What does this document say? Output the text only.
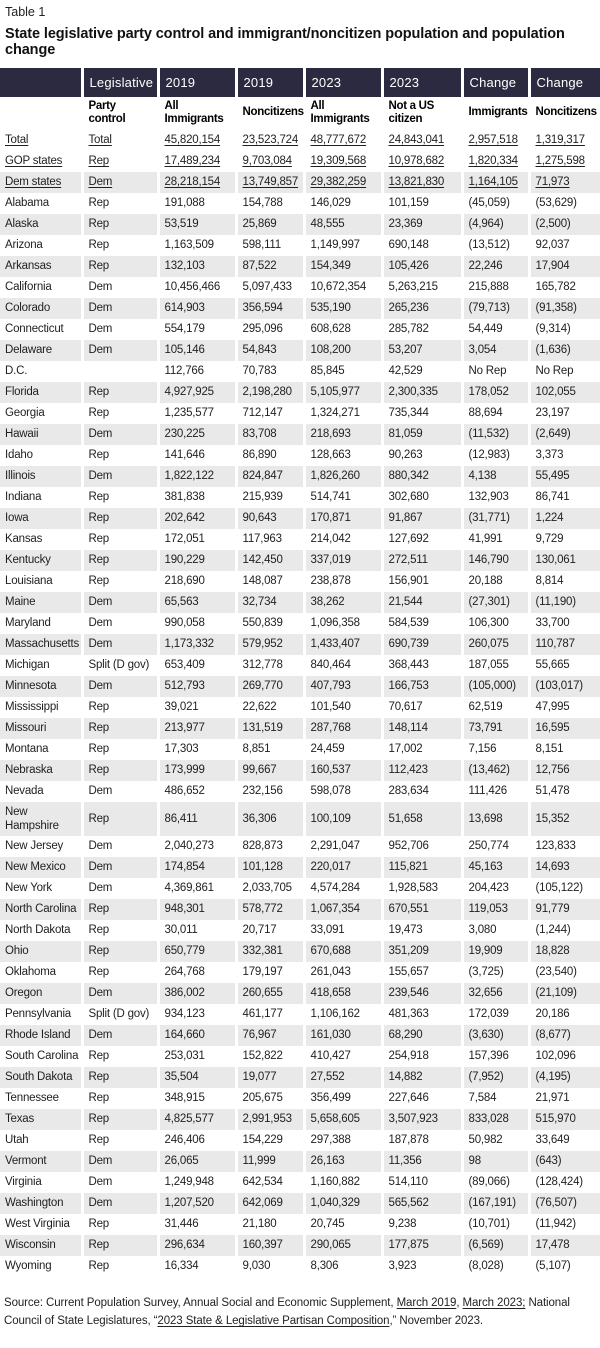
Table 1
State legislative party control and immigrant/noncitizen population and population change
	Legislative	2019	2019	2023	2023	Change	Change
	Party control	All Immigrants	Noncitizens	All Immigrants	Not a US citizen	Immigrants	Noncitizens
Total	Total	45,820,154	23,523,724	48,777,672	24,843,041	2,957,518	1,319,317
GOP states	Rep	17,489,234	9,703,084	19,309,568	10,978,682	1,820,334	1,275,598
Dem states	Dem	28,218,154	13,749,857	29,382,259	13,821,830	1,164,105	71,973
Alabama	Rep	191,088	154,788	146,029	101,159	(45,059)	(53,629)
Alaska	Rep	53,519	25,869	48,555	23,369	(4,964)	(2,500)
Arizona	Rep	1,163,509	598,111	1,149,997	690,148	(13,512)	92,037
Arkansas	Rep	132,103	87,522	154,349	105,426	22,246	17,904
California	Dem	10,456,466	5,097,433	10,672,354	5,263,215	215,888	165,782
Colorado	Dem	614,903	356,594	535,190	265,236	(79,713)	(91,358)
Connecticut	Dem	554,179	295,096	608,628	285,782	54,449	(9,314)
Delaware	Dem	105,146	54,843	108,200	53,207	3,054	(1,636)
D.C.		112,766	70,783	85,845	42,529	No Rep	No Rep
Florida	Rep	4,927,925	2,198,280	5,105,977	2,300,335	178,052	102,055
Georgia	Rep	1,235,577	712,147	1,324,271	735,344	88,694	23,197
Hawaii	Dem	230,225	83,708	218,693	81,059	(11,532)	(2,649)
Idaho	Rep	141,646	86,890	128,663	90,263	(12,983)	3,373
Illinois	Dem	1,822,122	824,847	1,826,260	880,342	4,138	55,495
Indiana	Rep	381,838	215,939	514,741	302,680	132,903	86,741
Iowa	Rep	202,642	90,643	170,871	91,867	(31,771)	1,224
Kansas	Rep	172,051	117,963	214,042	127,692	41,991	9,729
Kentucky	Rep	190,229	142,450	337,019	272,511	146,790	130,061
Louisiana	Rep	218,690	148,087	238,878	156,901	20,188	8,814
Maine	Dem	65,563	32,734	38,262	21,544	(27,301)	(11,190)
Maryland	Dem	990,058	550,839	1,096,358	584,539	106,300	33,700
Massachusetts	Dem	1,173,332	579,952	1,433,407	690,739	260,075	110,787
Michigan	Split (D gov)	653,409	312,778	840,464	368,443	187,055	55,665
Minnesota	Dem	512,793	269,770	407,793	166,753	(105,000)	(103,017)
Mississippi	Rep	39,021	22,622	101,540	70,617	62,519	47,995
Missouri	Rep	213,977	131,519	287,768	148,114	73,791	16,595
Montana	Rep	17,303	8,851	24,459	17,002	7,156	8,151
Nebraska	Rep	173,999	99,667	160,537	112,423	(13,462)	12,756
Nevada	Dem	486,652	232,156	598,078	283,634	111,426	51,478
New Hampshire	Rep	86,411	36,306	100,109	51,658	13,698	15,352
New Jersey	Dem	2,040,273	828,873	2,291,047	952,706	250,774	123,833
New Mexico	Dem	174,854	101,128	220,017	115,821	45,163	14,693
New York	Dem	4,369,861	2,033,705	4,574,284	1,928,583	204,423	(105,122)
North Carolina	Rep	948,301	578,772	1,067,354	670,551	119,053	91,779
North Dakota	Rep	30,011	20,717	33,091	19,473	3,080	(1,244)
Ohio	Rep	650,779	332,381	670,688	351,209	19,909	18,828
Oklahoma	Rep	264,768	179,197	261,043	155,657	(3,725)	(23,540)
Oregon	Dem	386,002	260,655	418,658	239,546	32,656	(21,109)
Pennsylvania	Split (D gov)	934,123	461,177	1,106,162	481,363	172,039	20,186
Rhode Island	Dem	164,660	76,967	161,030	68,290	(3,630)	(8,677)
South Carolina	Rep	253,031	152,822	410,427	254,918	157,396	102,096
South Dakota	Rep	35,504	19,077	27,552	14,882	(7,952)	(4,195)
Tennessee	Rep	348,915	205,675	356,499	227,646	7,584	21,971
Texas	Rep	4,825,577	2,991,953	5,658,605	3,507,923	833,028	515,970
Utah	Rep	246,406	154,229	297,388	187,878	50,982	33,649
Vermont	Dem	26,065	11,999	26,163	11,356	98	(643)
Virginia	Dem	1,249,948	642,534	1,160,882	514,110	(89,066)	(128,424)
Washington	Dem	1,207,520	642,069	1,040,329	565,562	(167,191)	(76,507)
West Virginia	Rep	31,446	21,180	20,745	9,238	(10,701)	(11,942)
Wisconsin	Rep	296,634	160,397	290,065	177,875	(6,569)	17,478
Wyoming	Rep	16,334	9,030	8,306	3,923	(8,028)	(5,107)

Source: Current Population Survey, Annual Social and Economic Supplement, March 2019, March 2023; National Council of State Legislatures, “2023 State & Legislative Partisan Composition,” November 2023.
